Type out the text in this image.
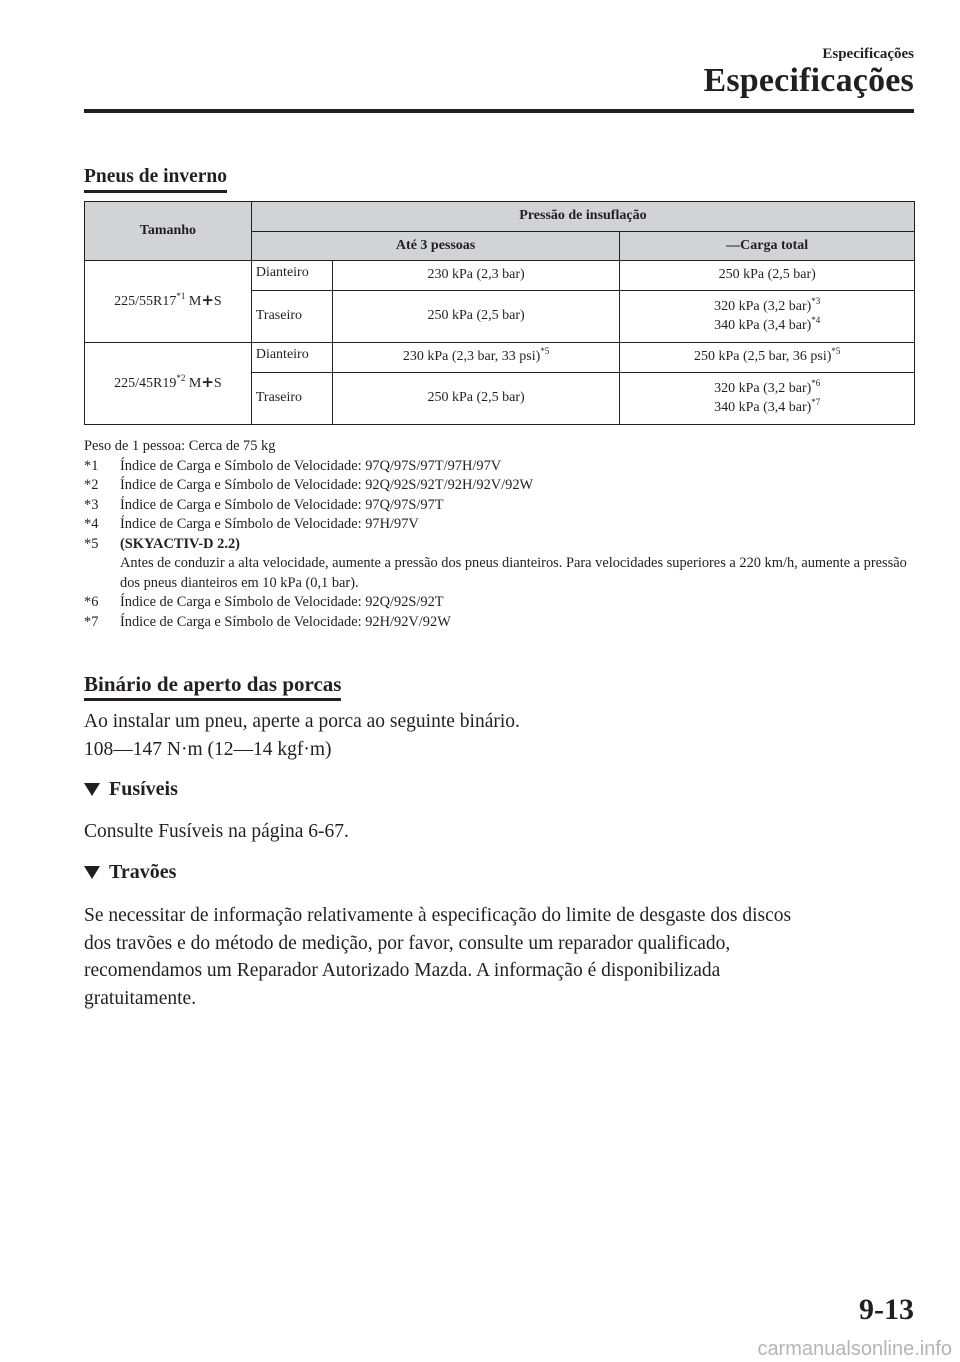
Especificações
Especificações
Pneus de inverno
Tamanho	Pressão de insuflação		
	Até 3 pessoas		―Carga total
225/55R17$^{*1}$ M+S	Dianteiro	230 kPa (2,3 bar)	250 kPa (2,5 bar)
	Traseiro	250 kPa (2,5 bar)	320 kPa (3,2 bar)$^{*3}$
340 kPa (3,4 bar)$^{*4}$
225/45R19$^{*2}$ M+S	Dianteiro	230 kPa (2,3 bar, 33 psi)$^{*5}$	250 kPa (2,5 bar, 36 psi)$^{*5}$
	Traseiro	250 kPa (2,5 bar)	320 kPa (3,2 bar)$^{*6}$
340 kPa (3,4 bar)$^{*7}$
Peso de 1 pessoa: Cerca de 75 kg
*1	Índice de Carga e Símbolo de Velocidade: 97Q/97S/97T/97H/97V
*2	Índice de Carga e Símbolo de Velocidade: 92Q/92S/92T/92H/92V/92W
*3	Índice de Carga e Símbolo de Velocidade: 97Q/97S/97T
*4	Índice de Carga e Símbolo de Velocidade: 97H/97V
*5	(SKYACTIV-D 2.2)
Antes de conduzir a alta velocidade, aumente a pressão dos pneus dianteiros. Para velocidades superiores a 220 km/h, aumente a pressão dos pneus dianteiros em 10 kPa (0,1 bar).
*6	Índice de Carga e Símbolo de Velocidade: 92Q/92S/92T
*7	Índice de Carga e Símbolo de Velocidade: 92H/92V/92W
Binário de aperto das porcas
Ao instalar um pneu, aperte a porca ao seguinte binário.
108―147 N·m (12―14 kgf·m)
Fusíveis
Consulte Fusíveis na página 6-67.
Travões
Se necessitar de informação relativamente à especificação do limite de desgaste dos discos
dos travões e do método de medição, por favor, consulte um reparador qualificado,
recomendamos um Reparador Autorizado Mazda. A informação é disponibilizada
gratuitamente.
9-13
carmanualsonline.info
